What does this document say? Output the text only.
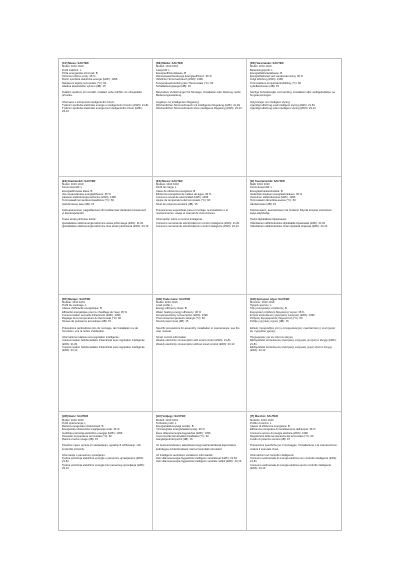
[CZ] Název: SAUTER
Model: 1010 1010
Profil zatížení: L
Třída energetické účinnosti: B
Účinnost ohřevu vody: 36 %
Roční spotřeba elektrické energie (kWh): 1396
Nastavení teploty termostatu (°C): 60
Hladina akustického výkonu (dB): 15
Zvláštní opatření při montáži, instalaci nebo údržbě: viz uživatelská příručka.
Informace o schopnosti inteligentního řízení:
Týdenní spotřeba elektrické energie s inteligentním řízením (kWh): 21,81
Týdenní spotřeba elektrické energie bez inteligentního řízení (kWh): 23,13
[DE] Marke: SAUTER
Modell: 1010 1010
Lastprofil: L
Energieeffizienzklasse: B
Warmwasserbereitungs-Energieeffizienz: 36 %
Jährlicher Stromverbrauch (kWh): 1396
Temperatureinstellung des Thermostats (°C): 60
Schallleistungspegel (dB): 15
Besondere Vorkehrungen für Montage, Installation oder Wartung: siehe Bedienungsanleitung.
Angaben zur intelligenten Regelung:
Wöchentlicher Stromverbrauch mit intelligenter Regelung (kWh): 21,81
Wöchentlicher Stromverbrauch ohne intelligente Regelung (kWh): 23,13
[DK] Varemærke: SAUTER
Model: 1010 1010
Belastningsprofil: L
Energieffektivitetsklasse: B
Energieffektivitet ved vandopvarmning: 36 %
Årligt elforbrug (kWh): 1396
Termostatens temperaturindstilling (°C): 60
Lydeffektniveau (dB): 15
Særlige forholdsregler ved samling, installation eller vedligeholdelse: se brugsanvisningen.
Oplysninger om intelligent styring:
Ugentligt elforbrug med intelligent styring (kWh): 21,81
Ugentligt elforbrug uden intelligent styring (kWh): 23,13
[EE] Kaubamärk: SAUTER
Mudel: 1010 1010
Koormusprofiil: L
Energiatõhususe klass: B
Vee soojendamise energiatõhusus: 36 %
Aastane elektrienergia tarbimine (kWh): 1396
Termostaadi temperatuuriseadistus (°C): 60
Helivõimsuse tase (dB): 15
Kokkupanemisel, paigaldamisel või hooldamisel võetavad erimeetmed: vt kasutusjuhendit.
Teave aruka juhtimise kohta:
Iganädalane elektrienergia tarbimine aruka juhtimisega (kWh): 21,81
Iganädalane elektrienergia tarbimine ilma aruka juhtimiseta (kWh): 23,13
[ES] Marca: SAUTER
Modelo: 1010 1010
Perfil de carga: L
Clase de eficiencia energética: B
Eficiencia energética de caldeo de agua: 36 %
Consumo anual de electricidad (kWh): 1396
Ajuste de temperatura del termostato (°C): 60
Nivel de potencia acústica (dB): 15
Precauciones específicas para el montaje, la instalación o el mantenimiento: véase el manual de instrucciones.
Información sobre el control inteligente:
Consumo semanal de electricidad con control inteligente (kWh): 21,81
Consumo semanal de electricidad sin control inteligente (kWh): 23,13
[FI] Tavaramerkki: SAUTER
Malli: 1010 1010
Kuormitusprofiili: L
Energiatehokkuusluokka: B
Vedenlämmityksen energiatehokkuus: 36 %
Vuotuinen sähkönkulutus (kWh): 1396
Termostaatin lämpötila-asetus (°C): 60
Äänitehotaso (dB): 15
Kokoamiseen, asentamiseen tai huoltoon liittyvät erityiset varotoimet: katso käyttöohje.
Tiedot älykkäästä ohjauksesta:
Viikoittainen sähkönkulutus älykkäällä ohjauksella (kWh): 21,81
Viikoittainen sähkönkulutus ilman älykästä ohjausta (kWh): 23,13
[FR] Marque: SAUTER
Modèle: 1010 1010
Profil de soutirage: L
Classe d'efficacité énergétique: B
Efficacité énergétique pour le chauffage de l'eau: 36 %
Consommation annuelle d'électricité (kWh): 1396
Réglage de la température du thermostat (°C): 60
Niveau de puissance acoustique (dB): 15
Précautions particulières lors du montage, de l'installation ou de l'entretien: voir la notice d'utilisation.
Informations relatives à la régulation intelligente:
Consommation hebdomadaire d'électricité avec régulation intelligente (kWh): 21,81
Consommation hebdomadaire d'électricité sans régulation intelligente (kWh): 23,13
[GB] Trade name: SAUTER
Model: 1010 1010
Load profile: L
Energy efficiency class: B
Water heating energy efficiency: 36 %
Annual electricity consumption (kWh): 1396
Thermostat temperature settings (°C): 60
Sound power level (dB): 15
Specific precautions for assembly, installation or maintenance: see the user manual.
Smart control information:
Weekly electricity consumption with smart control (kWh): 21,81
Weekly electricity consumption without smart control (kWh): 23,13
[GR] Εμπορικό σήμα: SAUTER
Μοντέλο: 1010 1010
Προφίλ φορτίου: L
Τάξη ενεργειακής απόδοσης: B
Ενεργειακή απόδοση θέρμανσης νερού: 36 %
Ετήσια κατανάλωση ηλεκτρικής ενέργειας (kWh): 1396
Ρύθμιση θερμοκρασίας θερμοστάτη (°C): 60
Στάθμη ηχητικής ισχύος (dB): 15
Ειδικές προφυλάξεις για τη συναρμολόγηση, εγκατάσταση ή συντήρηση: βλ. εγχειρίδιο χρήσης.
Πληροφορίες για τον έξυπνο έλεγχο:
Εβδομαδιαία κατανάλωση ηλεκτρικής ενέργειας με έξυπνο έλεγχο (kWh): 21,81
Εβδομαδιαία κατανάλωση ηλεκτρικής ενέργειας χωρίς έξυπνο έλεγχο (kWh): 23,13
[HR] Naziv: SAUTER
Model: 1010 1010
Profil opterećenja: L
Razred energetske učinkovitosti: B
Energetska učinkovitost zagrijavanja vode: 36 %
Godišnja potrošnja električne energije (kWh): 1396
Postavke temperature termostata (°C): 60
Razina zvučne snage (dB): 15
Posebne mjere opreza pri sastavljanju, ugradnji ili održavanju: vidi korisnički priručnik.
Informacije o pametnom upravljanju:
Tjedna potrošnja električne energije s pametnim upravljanjem (kWh): 21,81
Tjedna potrošnja električne energije bez pametnog upravljanja (kWh): 23,13
[HU] Védjegy: SAUTER
Modell: 1010 1010
Terhelési profil: L
Energiahatékonysági osztály: B
Vízmelegítési energiahatékonyság: 36 %
Éves villamosenergia-fogyasztás (kWh): 1396
A termosztát hőmérséklet-beállítása (°C): 60
Hangteljesítményszint (dB): 15
Az összeszereléssel, telepítéssel vagy karbantartással kapcsolatos különleges óvintézkedések: lásd a használati útmutatót.
Az intelligens vezérlésre vonatkozó információk:
Heti villamosenergia-fogyasztás intelligens vezérléssel (kWh): 21,81
Heti villamosenergia-fogyasztás intelligens vezérlés nélkül (kWh): 23,13
[IT] Marchio: SAUTER
Modello: 1010 1010
Profilo di carico: L
Classe di efficienza energetica: B
Efficienza energetica di riscaldamento dell'acqua: 36 %
Consumo annuo di energia elettrica (kWh): 1396
Regolazioni della temperatura del termostato (°C): 60
Livello di potenza sonora (dB): 15
Precauzioni specifiche per il montaggio, l'installazione o la manutenzione: vedere il manuale d'uso.
Informazioni sul controllo intelligente:
Consumo settimanale di energia elettrica con controllo intelligente (kWh): 21,81
Consumo settimanale di energia elettrica senza controllo intelligente (kWh): 23,13
